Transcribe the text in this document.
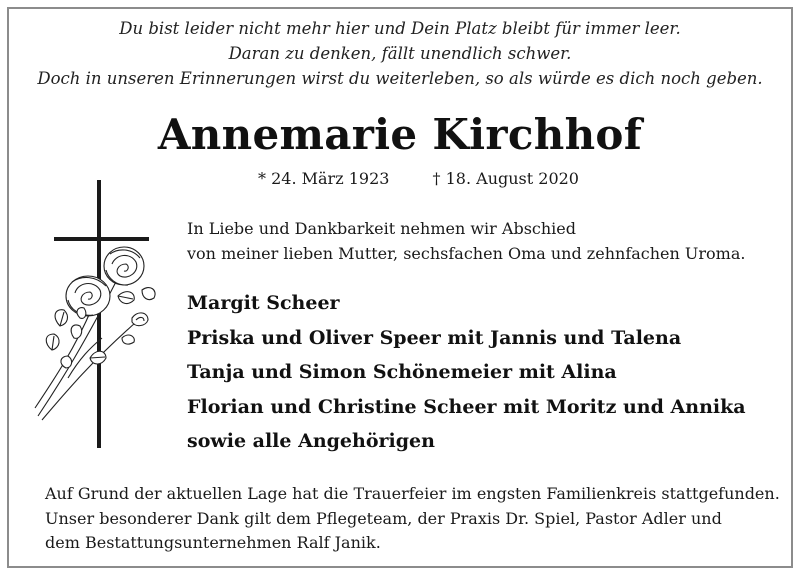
Du bist leider nicht mehr hier und Dein Platz bleibt für immer leer.
Daran zu denken, fällt unendlich schwer.
Doch in unseren Erinnerungen wirst du weiterleben, so als würde es dich noch geben.
Annemarie Kirchhof
* 24. März 1923	† 18. August 2020
In Liebe und Dankbarkeit nehmen wir Abschied
von meiner lieben Mutter, sechsfachen Oma und zehnfachen Uroma.
Margit Scheer
Priska und Oliver Speer mit Jannis und Talena
Tanja und Simon Schönemeier mit Alina
Florian und Christine Scheer mit Moritz und Annika
sowie alle Angehörigen
Auf Grund der aktuellen Lage hat die Trauerfeier im engsten Familienkreis stattgefunden.
Unser besonderer Dank gilt dem Pflegeteam, der Praxis Dr. Spiel, Pastor Adler und
dem Bestattungsunternehmen Ralf Janik.
